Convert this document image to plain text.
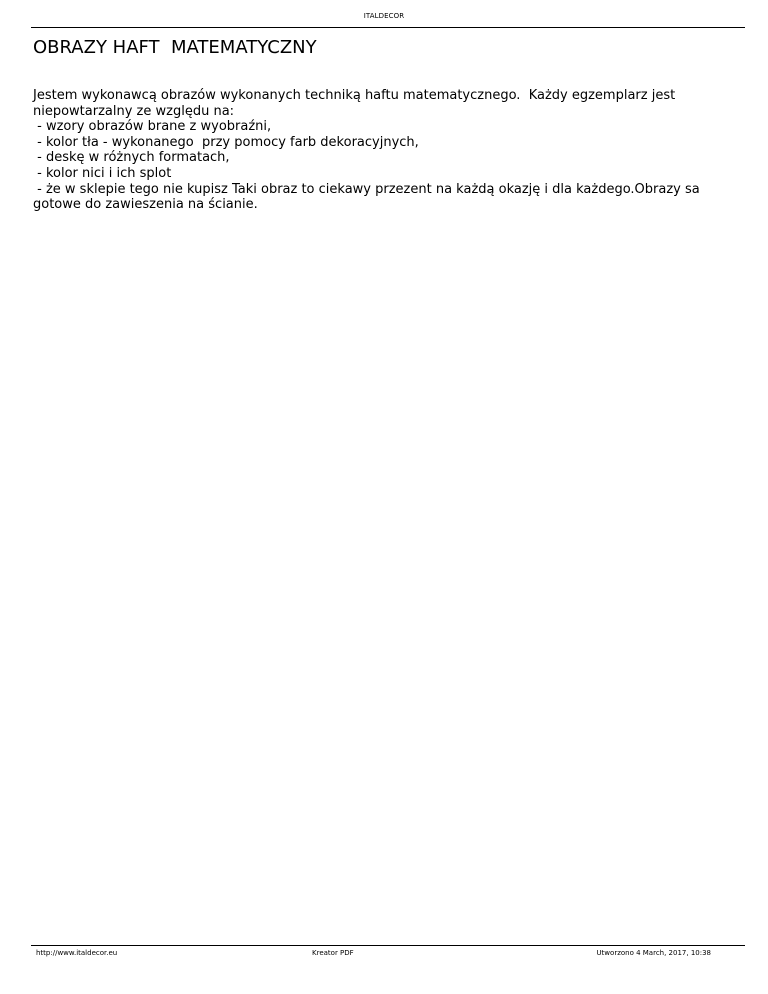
ITALDECOR
OBRAZY HAFT  MATEMATYCZNY

Jestem wykonawcą obrazów wykonanych techniką haftu matematycznego.  Każdy egzemplarz jest

niepowtarzalny ze względu na:

- wzory obrazów brane z wyobraźni,

- kolor tła - wykonanego  przy pomocy farb dekoracyjnych,

- deskę w różnych formatach,

- kolor nici i ich splot

- że w sklepie tego nie kupisz Taki obraz to ciekawy przezent na każdą okazję i dla każdego.Obrazy sa

gotowe do zawieszenia na ścianie.

http://www.italdecor.eu	Kreator PDF	Utworzono 4 March, 2017, 10:38
